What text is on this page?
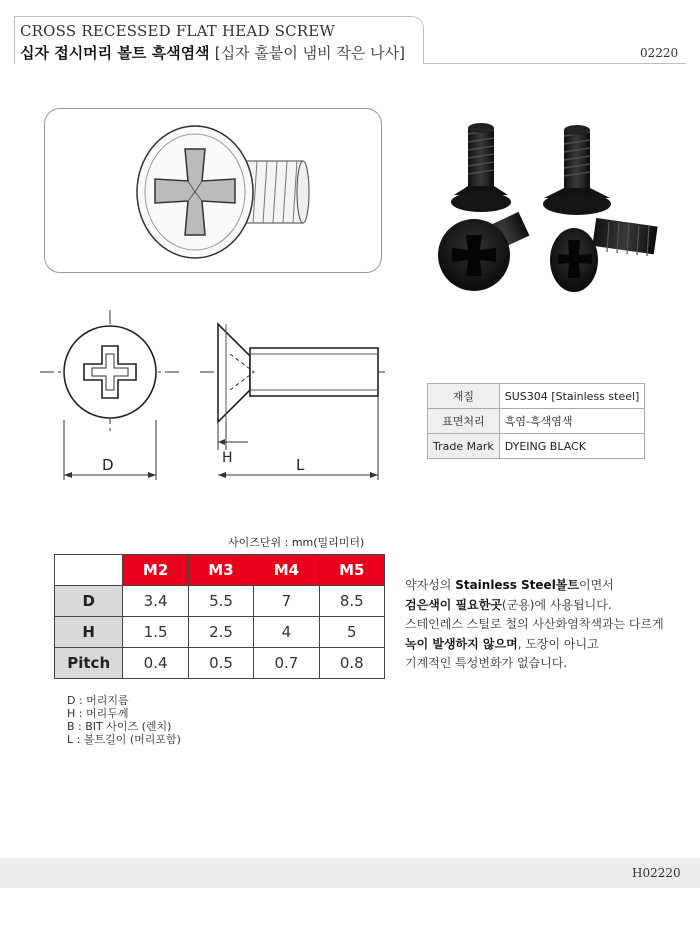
CROSS RECESSED FLAT HEAD SCREW
십자 접시머리 볼트 흑색염색 [십자 홀붙이 냄비 작은 나사]	02220
D	H	L
재질	SUS304 [Stainless steel]
표면처리	흑염-흑색염색
Trade Mark	DYEING BLACK
사이즈단위 : mm(밀리미터)
	M2	M3	M4	M5
D	3.4	5.5	7	8.5
H	1.5	2.5	4	5
Pitch	0.4	0.5	0.7	0.8
D : 머리지름
H : 머리두께
B : BIT 사이즈 (렌치)
L : 볼트길이 (머리포함)
약자성의 Stainless Steel볼트이면서
검은색이 필요한곳(군용)에 사용됩니다.
스테인레스 스틸로 철의 사산화염착색과는 다르게
녹이 발생하지 않으며, 도장이 아니고
기계적인 특성변화가 없습니다.
H02220
